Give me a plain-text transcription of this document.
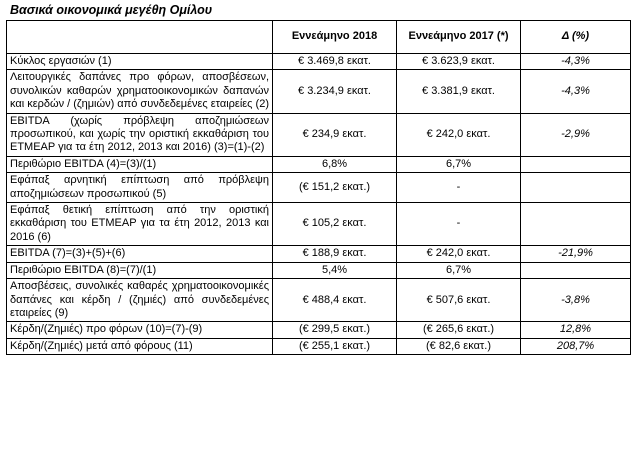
Βασικά οικονομικά μεγέθη Ομίλου
	Εννεάμηνο 2018	Εννεάμηνο 2017 (*)	Δ (%)
Κύκλος εργασιών (1)	€ 3.469,8 εκατ.	€ 3.623,9 εκατ.	-4,3%
Λειτουργικές δαπάνες προ φόρων, αποσβέσεων, συνολικών καθαρών χρηματοοικονομικών δαπανών και κερδών / (ζημιών) από συνδεδεμένες εταιρείες (2)	€ 3.234,9 εκατ.	€ 3.381,9 εκατ.	-4,3%
EBITDA (χωρίς πρόβλεψη αποζημιώσεων προσωπικού, και χωρίς την οριστική εκκαθάριση του ΕΤΜΕΑΡ για τα έτη 2012, 2013 και 2016) (3)=(1)-(2)	€ 234,9 εκατ.	€ 242,0 εκατ.	-2,9%
Περιθώριο EBITDA (4)=(3)/(1)	6,8%	6,7%	
Εφάπαξ αρνητική επίπτωση από πρόβλεψη αποζημιώσεων προσωπικού (5)	(€ 151,2 εκατ.)	-	
Εφάπαξ θετική επίπτωση από την οριστική εκκαθάριση του ΕΤΜΕΑΡ για τα έτη 2012, 2013 και 2016 (6)	€ 105,2 εκατ.	-	
EBITDA (7)=(3)+(5)+(6)	€ 188,9 εκατ.	€ 242,0 εκατ.	-21,9%
Περιθώριο EBITDA (8)=(7)/(1)	5,4%	6,7%	
Αποσβέσεις, συνολικές καθαρές χρηματοοικονομικές δαπάνες και κέρδη / (ζημιές) από συνδεδεμένες εταιρείες (9)	€ 488,4 εκατ.	€ 507,6 εκατ.	-3,8%
Κέρδη/(Ζημιές) προ φόρων (10)=(7)-(9)	(€ 299,5 εκατ.)	(€ 265,6 εκατ.)	12,8%
Κέρδη/(Ζημιές) μετά από φόρους (11)	(€ 255,1 εκατ.)	(€ 82,6 εκατ.)	208,7%
